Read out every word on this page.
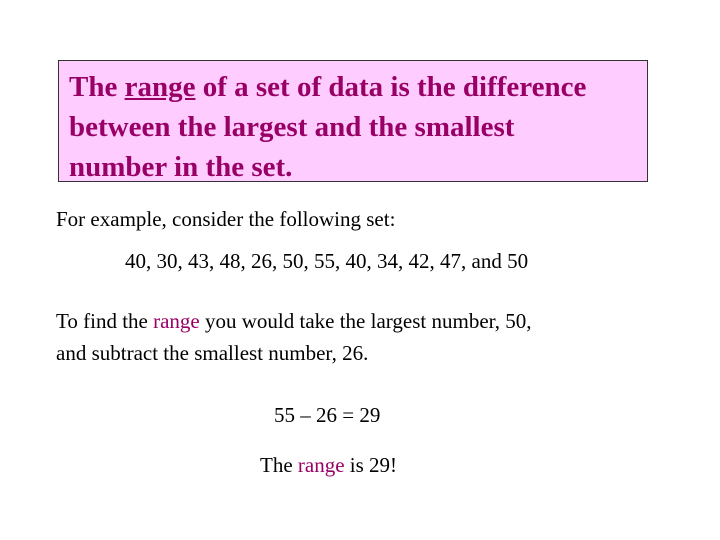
The range of a set of data is the difference
between the largest and the smallest
number in the set.
For example, consider the following set:
40, 30, 43, 48, 26, 50, 55, 40, 34, 42, 47, and 50
To find the range you would take the largest number, 50,
and subtract the smallest number, 26.
55 – 26 = 29
The range is 29!
